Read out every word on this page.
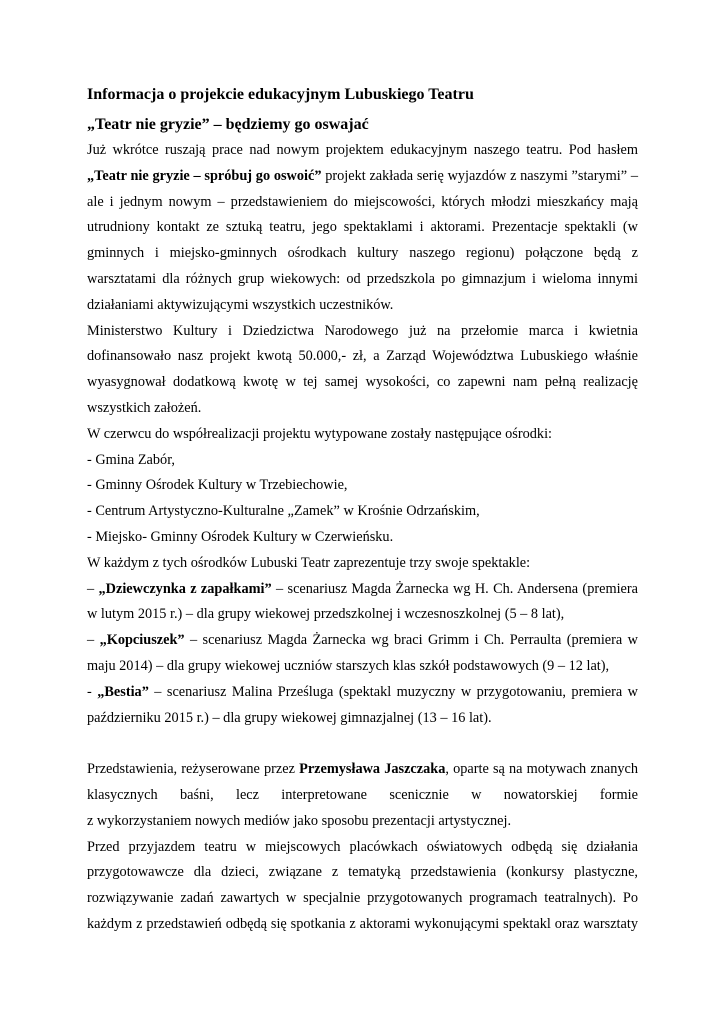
Informacja o projekcie edukacyjnym Lubuskiego Teatru
„Teatr nie gryzie” – będziemy go oswajać

Już wkrótce ruszają prace nad nowym projektem edukacyjnym naszego teatru. Pod hasłem „Teatr nie gryzie – spróbuj go oswoić” projekt zakłada serię wyjazdów z naszymi ”starymi” – ale i jednym nowym – przedstawieniem do miejscowości, których młodzi mieszkańcy mają utrudniony kontakt ze sztuką teatru, jego spektaklami i aktorami. Prezentacje spektakli (w gminnych i miejsko-gminnych ośrodkach kultury naszego regionu) połączone będą z warsztatami dla różnych grup wiekowych: od przedszkola po gimnazjum i wieloma innymi działaniami aktywizującymi wszystkich uczestników.

Ministerstwo Kultury i Dziedzictwa Narodowego już na przełomie marca i kwietnia dofinansowało nasz projekt kwotą 50.000,- zł, a Zarząd Województwa Lubuskiego właśnie wyasygnował dodatkową kwotę w tej samej wysokości, co zapewni nam pełną realizację wszystkich założeń.

W czerwcu do współrealizacji projektu wytypowane zostały następujące ośrodki:

- Gmina Zabór,

- Gminny Ośrodek Kultury w Trzebiechowie,

- Centrum Artystyczno-Kulturalne „Zamek” w Krośnie Odrzańskim,

- Miejsko- Gminny Ośrodek Kultury w Czerwieńsku.

W każdym z tych ośrodków Lubuski Teatr zaprezentuje trzy swoje spektakle:

– „Dziewczynka z zapałkami” – scenariusz Magda Żarnecka wg H. Ch. Andersena (premiera w lutym 2015 r.) – dla grupy wiekowej przedszkolnej i wczesnoszkolnej (5 – 8 lat),

– „Kopciuszek” – scenariusz Magda Żarnecka wg braci Grimm i Ch. Perraulta (premiera w maju 2014) – dla grupy wiekowej uczniów starszych klas szkół podstawowych (9 – 12 lat),

- „Bestia” – scenariusz Malina Prześluga (spektakl muzyczny w przygotowaniu, premiera w październiku 2015 r.) – dla grupy wiekowej gimnazjalnej (13 – 16 lat).

Przedstawienia, reżyserowane przez Przemysława Jaszczaka, oparte są na motywach znanych klasycznych baśni, lecz interpretowane scenicznie w nowatorskiej formie

z wykorzystaniem nowych mediów jako sposobu prezentacji artystycznej.

Przed przyjazdem teatru w miejscowych placówkach oświatowych odbędą się działania przygotowawcze dla dzieci, związane z tematyką przedstawienia (konkursy plastyczne, rozwiązywanie zadań zawartych w specjalnie przygotowanych programach teatralnych). Po każdym z przedstawień odbędą się spotkania z aktorami wykonującymi spektakl oraz warsztaty
